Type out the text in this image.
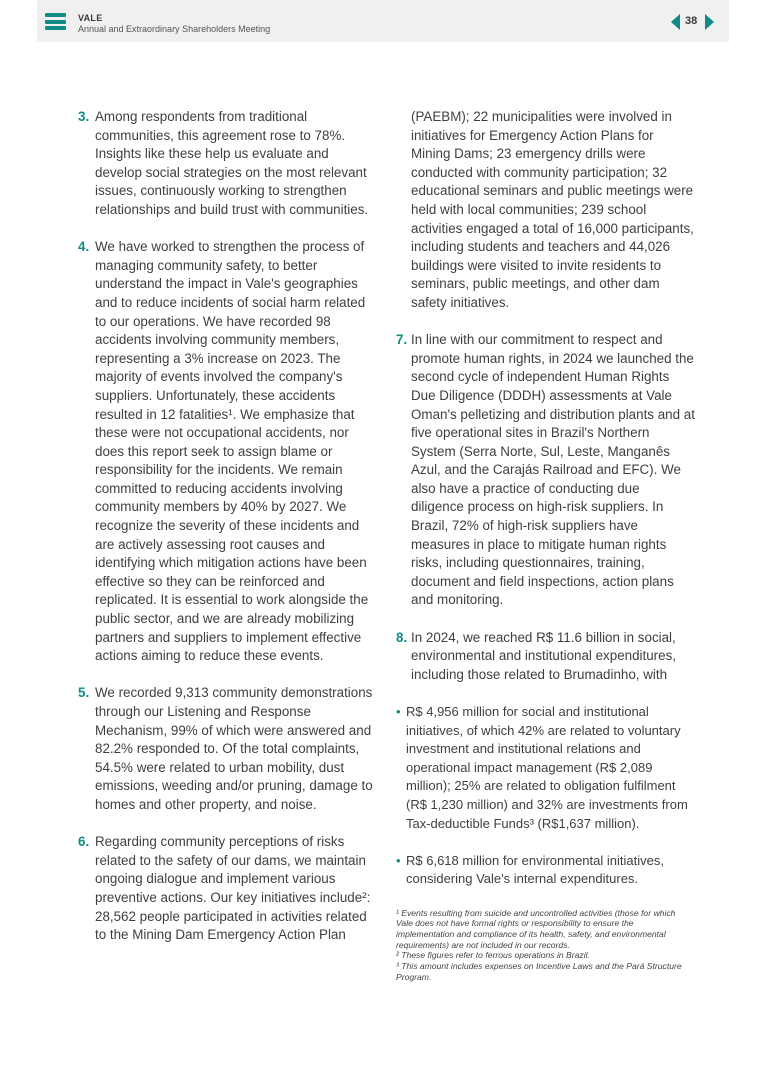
VALE
Annual and Extraordinary Shareholders Meeting
38
3. Among respondents from traditional communities, this agreement rose to 78%. Insights like these help us evaluate and develop social strategies on the most relevant issues, continuously working to strengthen relationships and build trust with communities.

4. We have worked to strengthen the process of managing community safety, to better understand the impact in Vale's geographies and to reduce incidents of social harm related to our operations. We have recorded 98 accidents involving community members, representing a 3% increase on 2023. The majority of events involved the company's suppliers. Unfortunately, these accidents resulted in 12 fatalities¹. We emphasize that these were not occupational accidents, nor does this report seek to assign blame or responsibility for the incidents. We remain committed to reducing accidents involving community members by 40% by 2027. We recognize the severity of these incidents and are actively assessing root causes and identifying which mitigation actions have been effective so they can be reinforced and replicated. It is essential to work alongside the public sector, and we are already mobilizing partners and suppliers to implement effective actions aiming to reduce these events.

5. We recorded 9,313 community demonstrations through our Listening and Response Mechanism, 99% of which were answered and 82.2% responded to. Of the total complaints, 54.5% were related to urban mobility, dust emissions, weeding and/or pruning, damage to homes and other property, and noise.

6. Regarding community perceptions of risks related to the safety of our dams, we maintain ongoing dialogue and implement various preventive actions. Our key initiatives include²: 28,562 people participated in activities related to the Mining Dam Emergency Action Plan

(PAEBM); 22 municipalities were involved in initiatives for Emergency Action Plans for Mining Dams; 23 emergency drills were conducted with community participation; 32 educational seminars and public meetings were held with local communities; 239 school activities engaged a total of 16,000 participants, including students and teachers and 44,026 buildings were visited to invite residents to seminars, public meetings, and other dam safety initiatives.

7. In line with our commitment to respect and promote human rights, in 2024 we launched the second cycle of independent Human Rights Due Diligence (DDDH) assessments at Vale Oman's pelletizing and distribution plants and at five operational sites in Brazil's Northern System (Serra Norte, Sul, Leste, Manganês Azul, and the Carajás Railroad and EFC). We also have a practice of conducting due diligence process on high-risk suppliers. In Brazil, 72% of high-risk suppliers have measures in place to mitigate human rights risks, including questionnaires, training, document and field inspections, action plans and monitoring.

8. In 2024, we reached R$ 11.6 billion in social, environmental and institutional expenditures, including those related to Brumadinho, with

• R$ 4,956 million for social and institutional initiatives, of which 42% are related to voluntary investment and institutional relations and operational impact management (R$ 2,089 million); 25% are related to obligation fulfilment (R$ 1,230 million) and 32% are investments from Tax-deductible Funds³ (R$1,637 million).

• R$ 6,618 million for environmental initiatives, considering Vale's internal expenditures.

¹ Events resulting from suicide and uncontrolled activities (those for which Vale does not have formal rights or responsibility to ensure the implementation and compliance of its health, safety, and environmental requirements) are not included in our records.

² These figures refer to ferrous operations in Brazil.

³ This amount includes expenses on Incentive Laws and the Pará Structure Program.
